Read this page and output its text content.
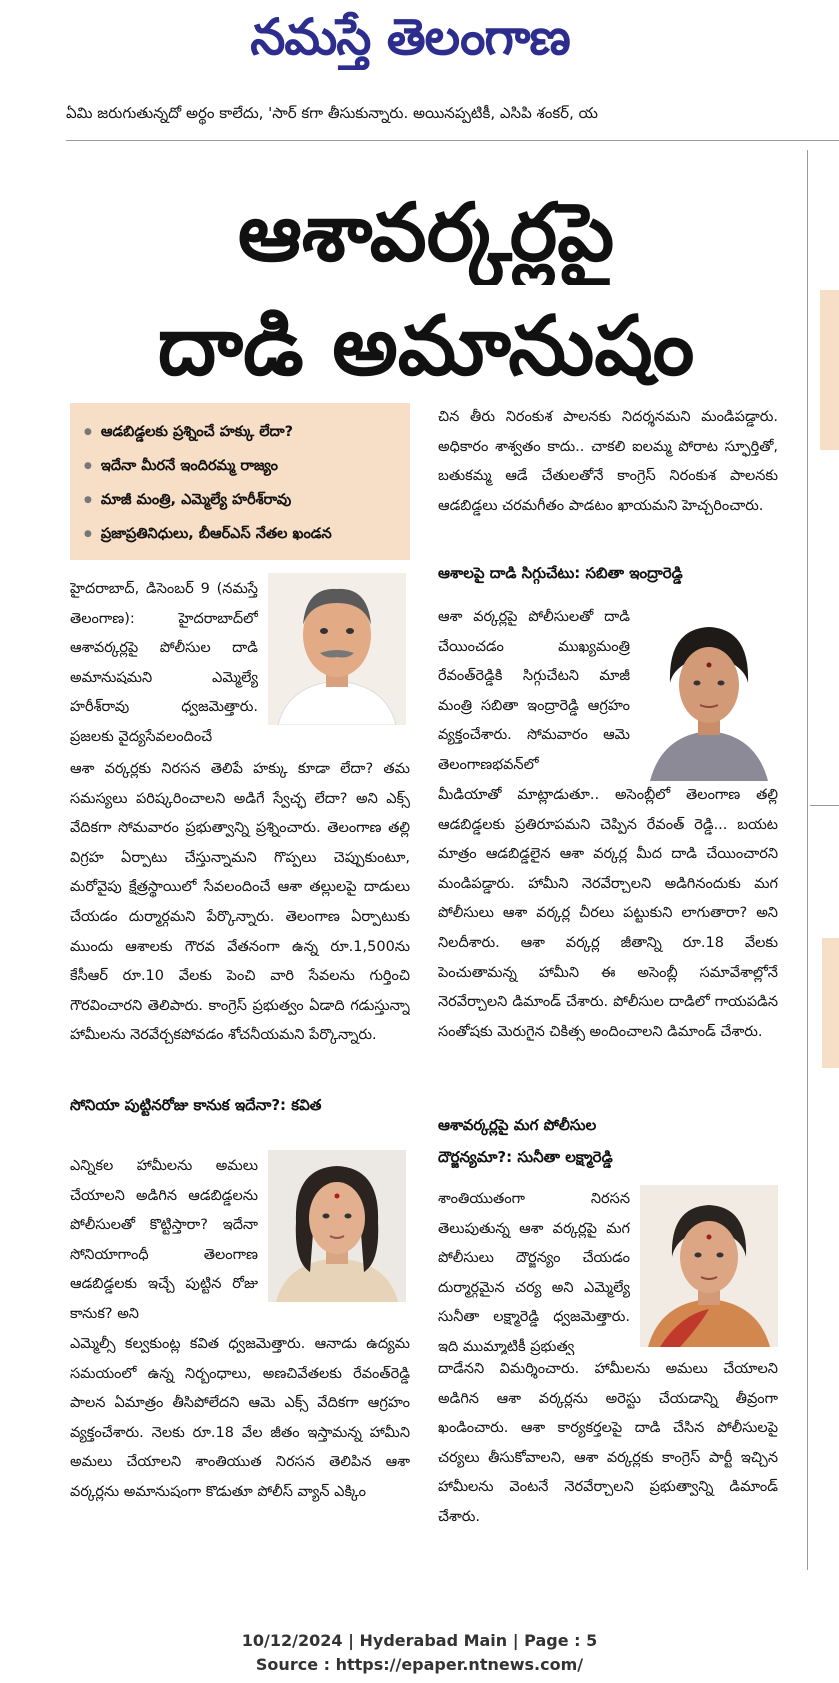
నమస్తే తెలంగాణ
ఏమి జరుగుతున్నదో అర్థం కాలేదు, 'సార్ కగా తీసుకున్నారు. అయినప్పటికీ, ఎసిపి శంకర్, య
ఆశావర్కర్లపై
దాడి అమానుషం
● ఆడబిడ్డలకు ప్రశ్నించే హక్కు లేదా?
● ఇదేనా మీరనే ఇందిరమ్మ రాజ్యం
● మాజీ మంత్రి, ఎమ్మెల్యే హరీశ్‌రావు
● ప్రజాప్రతినిధులు, బీఆర్‌ఎస్ నేతల ఖండన
హైదరాబాద్, డిసెంబర్ 9 (నమస్తే తెలంగాణ): హైదరాబాద్‌లో ఆశావర్కర్లపై పోలీసుల దాడి అమానుషమని ఎమ్మెల్యే హరీశ్‌రావు ధ్వజమెత్తారు. ప్రజలకు వైద్యసేవలందించే
ఆశా వర్కర్లకు నిరసన తెలిపే హక్కు కూడా లేదా? తమ సమస్యలు పరిష్కరించాలని అడిగే స్వేచ్ఛ లేదా? అని ఎక్స్ వేదికగా సోమవారం ప్రభుత్వాన్ని ప్రశ్నించారు. తెలంగాణ తల్లి విగ్రహ ఏర్పాటు చేస్తున్నామని గొప్పలు చెప్పుకుంటూ, మరోవైపు క్షేత్రస్థాయిలో సేవలందించే ఆశా తల్లులపై దాడులు చేయడం దుర్మార్గమని పేర్కొన్నారు. తెలంగాణ ఏర్పాటుకు ముందు ఆశాలకు గౌరవ వేతనంగా ఉన్న రూ.1,500ను కేసీఆర్ రూ.10 వేలకు పెంచి వారి సేవలను గుర్తించి గౌరవించారని తెలిపారు. కాంగ్రెస్ ప్రభుత్వం ఏడాది గడుస్తున్నా హామీలను నెరవేర్చకపోవడం శోచనీయమని పేర్కొన్నారు.
సోనియా పుట్టినరోజు కానుక ఇదేనా?: కవిత
ఎన్నికల హామీలను అమలు చేయాలని అడిగిన ఆడబిడ్డలను పోలీసులతో కొట్టిస్తారా? ఇదేనా సోనియాగాంధీ తెలంగాణ ఆడబిడ్డలకు ఇచ్చే పుట్టిన రోజు కానుక? అని
ఎమ్మెల్సీ కల్వకుంట్ల కవిత ధ్వజమెత్తారు. ఆనాడు ఉద్యమ సమయంలో ఉన్న నిర్బంధాలు, అణచివేతలకు రేవంత్‌రెడ్డి పాలన ఏమాత్రం తీసిపోలేదని ఆమె ఎక్స్ వేదికగా ఆగ్రహం వ్యక్తంచేశారు. నెలకు రూ.18 వేల జీతం ఇస్తామన్న హామీని అమలు చేయాలని శాంతియుత నిరసన తెలిపిన ఆశా వర్కర్లను అమానుషంగా కొడుతూ పోలీస్ వ్యాన్ ఎక్కిం
చిన తీరు నిరంకుశ పాలనకు నిదర్శనమని మండిపడ్డారు. అధికారం శాశ్వతం కాదు.. చాకలి ఐలమ్మ పోరాట స్ఫూర్తితో, బతుకమ్మ ఆడే చేతులతోనే కాంగ్రెస్ నిరంకుశ పాలనకు ఆడబిడ్డలు చరమగీతం పాడటం ఖాయమని హెచ్చరించారు.
ఆశాలపై దాడి సిగ్గుచేటు: సబితా ఇంద్రారెడ్డి
ఆశా వర్కర్లపై పోలీసులతో దాడి చేయించడం ముఖ్యమంత్రి రేవంత్‌రెడ్డికి సిగ్గుచేటని మాజీ మంత్రి సబితా ఇంద్రారెడ్డి ఆగ్రహం వ్యక్తంచేశారు. సోమవారం ఆమె తెలంగాణభవన్‌లో
మీడియాతో మాట్లాడుతూ.. అసెంబ్లీలో తెలంగాణ తల్లి ఆడబిడ్డలకు ప్రతిరూపమని చెప్పిన రేవంత్ రెడ్డి... బయట మాత్రం ఆడబిడ్డలైన ఆశా వర్కర్ల మీద దాడి చేయించారని మండిపడ్డారు. హామీని నెరవేర్చాలని అడిగినందుకు మగ పోలీసులు ఆశా వర్కర్ల చీరలు పట్టుకుని లాగుతారా? అని నిలదీశారు. ఆశా వర్కర్ల జీతాన్ని రూ.18 వేలకు పెంచుతామన్న హామీని ఈ అసెంబ్లీ సమావేశాల్లోనే నెరవేర్చాలని డిమాండ్ చేశారు. పోలీసుల దాడిలో గాయపడిన సంతోషకు మెరుగైన చికిత్స అందించాలని డిమాండ్ చేశారు.
ఆశావర్కర్లపై మగ పోలీసుల
దౌర్జన్యమా?: సునీతా లక్ష్మారెడ్డి
శాంతియుతంగా నిరసన తెలుపుతున్న ఆశా వర్కర్లపై మగ పోలీసులు దౌర్జన్యం చేయడం దుర్మార్గమైన చర్య అని ఎమ్మెల్యే సునీతా లక్ష్మారెడ్డి ధ్వజమెత్తారు. ఇది ముమ్మాటికీ ప్రభుత్వ
దాడేనని విమర్శించారు. హామీలను అమలు చేయాలని అడిగిన ఆశా వర్కర్లను అరెస్టు చేయడాన్ని తీవ్రంగా ఖండించారు. ఆశా కార్యకర్తలపై దాడి చేసిన పోలీసులపై చర్యలు తీసుకోవాలని, ఆశా వర్కర్లకు కాంగ్రెస్ పార్టీ ఇచ్చిన హామీలను వెంటనే నెరవేర్చాలని ప్రభుత్వాన్ని డిమాండ్ చేశారు.
10/12/2024 | Hyderabad Main | Page : 5
Source : https://epaper.ntnews.com/
